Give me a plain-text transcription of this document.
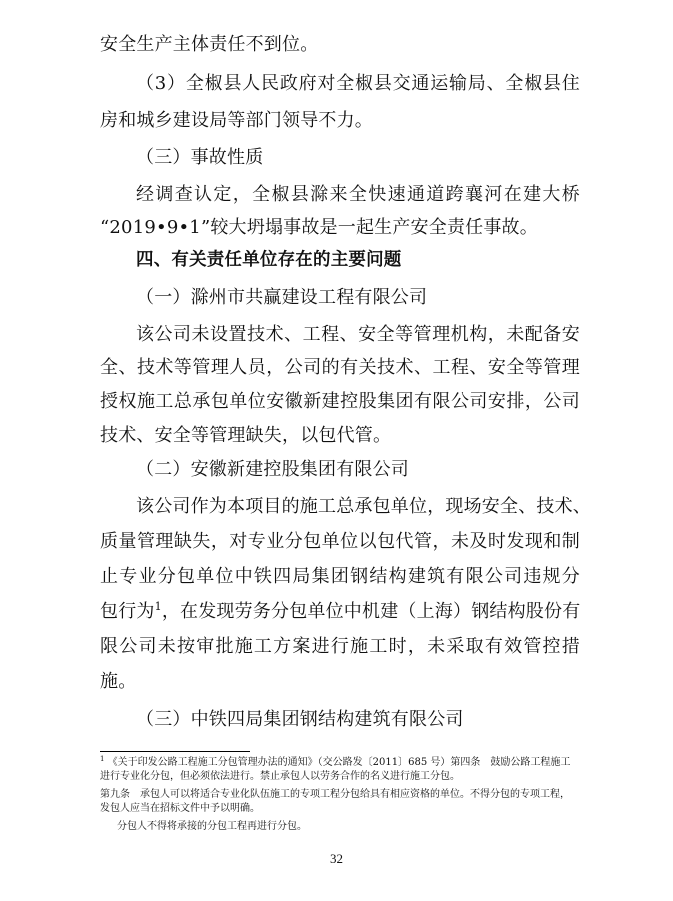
安全生产主体责任不到位。
（3）全椒县人民政府对全椒县交通运输局、全椒县住
房和城乡建设局等部门领导不力。
（三）事故性质
经调查认定，全椒县滁来全快速通道跨襄河在建大桥
“2019•9•1”较大坍塌事故是一起生产安全责任事故。
四、有关责任单位存在的主要问题
（一）滁州市共赢建设工程有限公司
该公司未设置技术、工程、安全等管理机构，未配备安
全、技术等管理人员，公司的有关技术、工程、安全等管理
授权施工总承包单位安徽新建控股集团有限公司安排，公司
技术、安全等管理缺失，以包代管。
（二）安徽新建控股集团有限公司
该公司作为本项目的施工总承包单位，现场安全、技术、
质量管理缺失，对专业分包单位以包代管，未及时发现和制
止专业分包单位中铁四局集团钢结构建筑有限公司违规分
包行为$^1$，在发现劳务分包单位中机建（上海）钢结构股份有
限公司未按审批施工方案进行施工时，未采取有效管控措
施。
（三）中铁四局集团钢结构建筑有限公司
$^1$ 《关于印发公路工程施工分包管理办法的通知》（交公路发〔2011〕685 号）第四条　鼓励公路工程施工
进行专业化分包，但必须依法进行。禁止承包人以劳务合作的名义进行施工分包。
第九条　承包人可以将适合专业化队伍施工的专项工程分包给具有相应资格的单位。不得分包的专项工程，
发包人应当在招标文件中予以明确。
分包人不得将承接的分包工程再进行分包。
32
